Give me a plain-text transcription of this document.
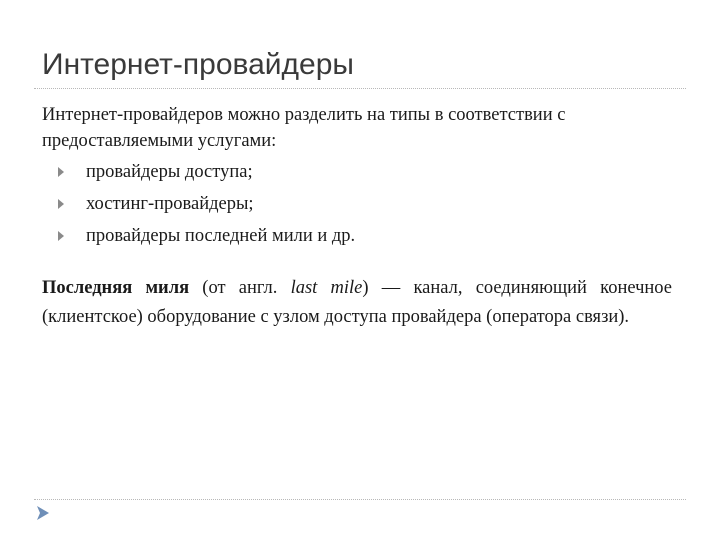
Интернет-провайдеры

Интернет-провайдеров можно разделить на типы в соответствии с предоставляемыми услугами:

провайдеры доступа;
хостинг-провайдеры;
провайдеры последней мили и др.

Последняя миля (от англ. last mile) — канал, соединяющий конечное (клиентское) оборудование с узлом доступа провайдера (оператора связи).
